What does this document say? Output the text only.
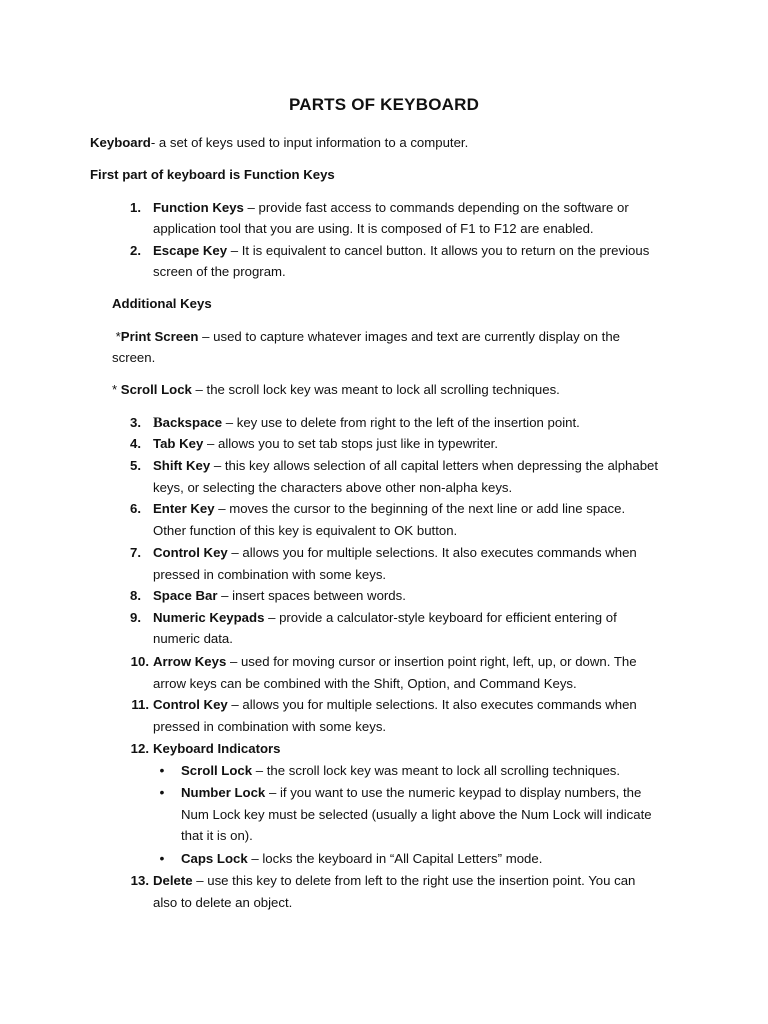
PARTS OF KEYBOARD
Keyboard- a set of keys used to input information to a computer.
First part of keyboard is Function Keys
1. Function Keys – provide fast access to commands depending on the software or
application tool that you are using. It is composed of F1 to F12 are enabled.
2. Escape Key – It is equivalent to cancel button. It allows you to return on the previous
screen of the program.
Additional Keys
*Print Screen – used to capture whatever images and text are currently display on the
screen.
* Scroll Lock – the scroll lock key was meant to lock all scrolling techniques.
3. Backspace – key use to delete from right to the left of the insertion point.
4. Tab Key – allows you to set tab stops just like in typewriter.
5. Shift Key – this key allows selection of all capital letters when depressing the alphabet
keys, or selecting the characters above other non-alpha keys.
6. Enter Key – moves the cursor to the beginning of the next line or add line space.
Other function of this key is equivalent to OK button.
7. Control Key – allows you for multiple selections. It also executes commands when
pressed in combination with some keys.
8. Space Bar – insert spaces between words.
9. Numeric Keypads – provide a calculator-style keyboard for efficient entering of
numeric data.
10. Arrow Keys – used for moving cursor or insertion point right, left, up, or down. The
arrow keys can be combined with the Shift, Option, and Command Keys.
11. Control Key – allows you for multiple selections. It also executes commands when
pressed in combination with some keys.
12. Keyboard Indicators
•	Scroll Lock – the scroll lock key was meant to lock all scrolling techniques.
•	Number Lock – if you want to use the numeric keypad to display numbers, the
Num Lock key must be selected (usually a light above the Num Lock will indicate
that it is on).
•	Caps Lock – locks the keyboard in “All Capital Letters” mode.
13. Delete – use this key to delete from left to the right use the insertion point. You can
also to delete an object.
